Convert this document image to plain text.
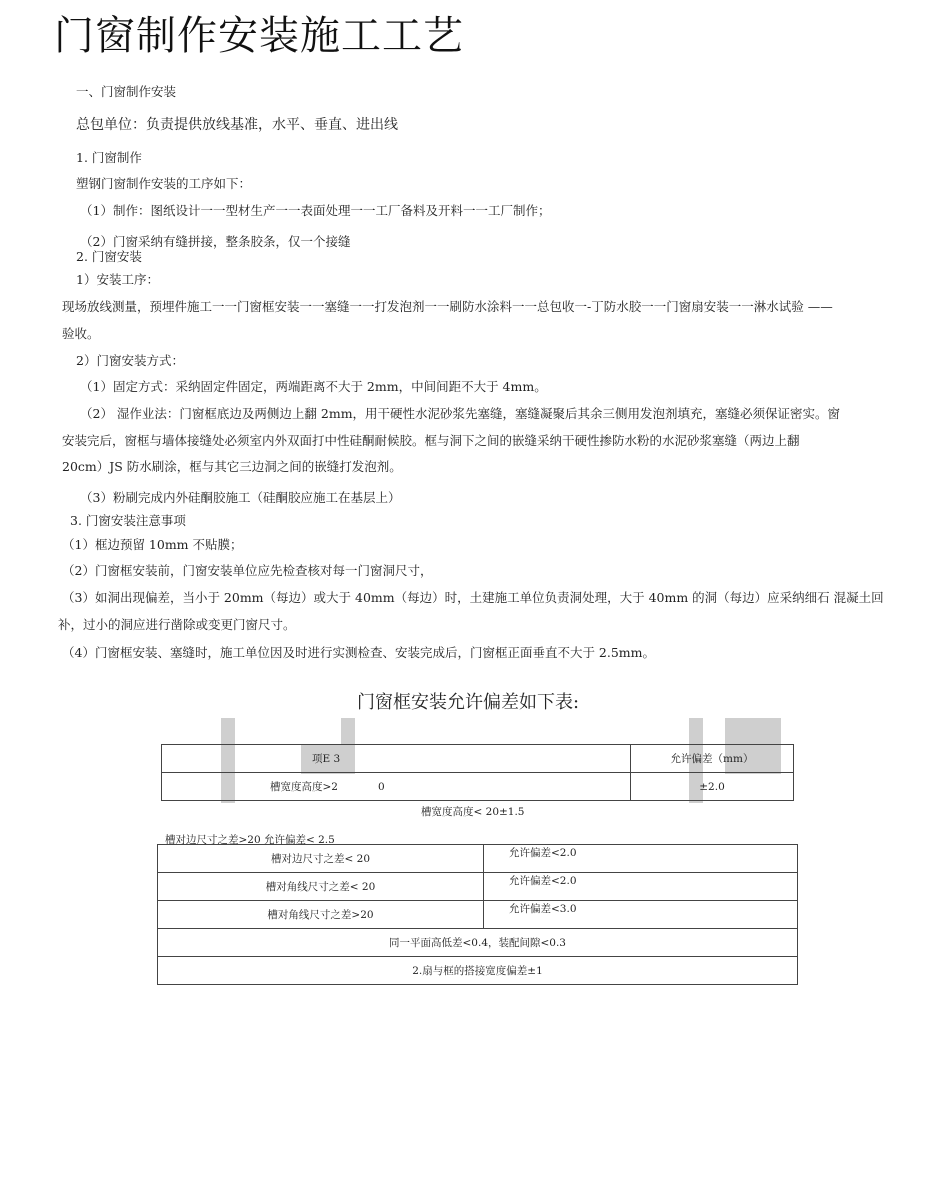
门窗制作安装施工工艺
一、门窗制作安装
总包单位：负责提供放线基准，水平、垂直、进出线
1. 门窗制作
塑钢门窗制作安装的工序如下：
（1）制作：图纸设计一一型材生产一一表面处理一一工厂备料及开料一一工厂制作；
（2）门窗采纳有缝拼接，整条胶条，仅一个接缝
2. 门窗安装
1）安装工序：
现场放线测量，预埋件施工一一门窗框安装一一塞缝一一打发泡剂一一刷防水涂料一一总包收一-丁防水胶一一门窗扇安装一一淋水试验 ——
验收。
2）门窗安装方式：
（1）固定方式：采纳固定件固定，两端距离不大于 2mm，中间间距不大于 4mm。
（2） 湿作业法：门窗框底边及两侧边上翻 2mm，用干硬性水泥砂浆先塞缝，塞缝凝聚后其余三侧用发泡剂填充，塞缝必须保证密实。窗
安装完后，窗框与墙体接缝处必须室内外双面打中性硅酮耐候胶。框与洞下之间的嵌缝采纳干硬性掺防水粉的水泥砂浆塞缝（两边上翻
20cm）JS 防水刷涂，框与其它三边洞之间的嵌缝打发泡剂。
（3）粉刷完成内外硅酮胶施工（硅酮胶应施工在基层上）
3. 门窗安装注意事项
（1）框边预留 10mm 不贴膜；
（2）门窗框安装前，门窗安装单位应先检查核对每一门窗洞尺寸，
（3）如洞出现偏差，当小于 20mm（每边）或大于 40mm（每边）时，土建施工单位负责洞处理，大于 40mm 的洞（每边）应采纳细石 混凝土回
补，过小的洞应进行凿除或变更门窗尺寸。
（4）门窗框安装、塞缝时，施工单位因及时进行实测检查、安装完成后，门窗框正面垂直不大于 2.5mm。
门窗框安装允许偏差如下表:
项E 3	允许偏差（mm）
槽宽度高度>2 0	±2.0
槽宽度高度< 20±1.5
槽对边尺寸之差>20 允许偏差< 2.5
槽对边尺寸之差< 20	允许偏差<2.0
槽对角线尺寸之差< 20	允许偏差<2.0
槽对角线尺寸之差>20	允许偏差<3.0
同一平面高低差<0.4，装配间隙<0.3	
2.扇与框的搭接宽度偏差±1	
